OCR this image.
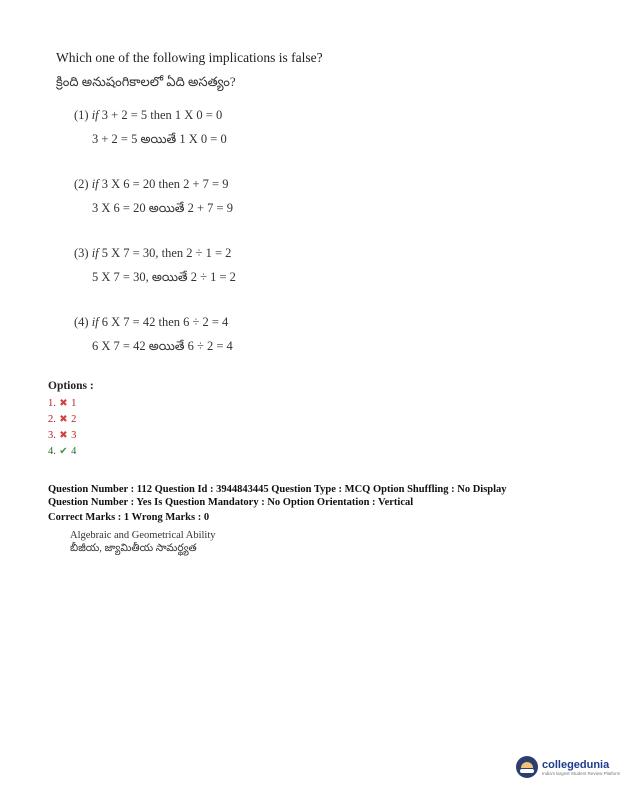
Which one of the following implications is false?
క్రింది అనుషంగికాలలో ఏది అసత్యం?
(1) if 3 + 2 = 5 then 1 X 0 = 0
3 + 2 = 5 అయితే 1 X 0 = 0
(2) if 3 X 6 = 20 then 2 + 7 = 9
3 X 6 = 20 అయితే 2 + 7 = 9
(3) if 5 X 7 = 30, then 2 ÷ 1 = 2
5 X 7 = 30, అయితే 2 ÷ 1 = 2
(4) if 6 X 7 = 42 then 6 ÷ 2 = 4
6 X 7 = 42 అయితే 6 ÷ 2 = 4
Options :
1. ✖ 1
2. ✖ 2
3. ✖ 3
4. ✔ 4
Question Number : 112 Question Id : 3944843445 Question Type : MCQ Option Shuffling : No Display
Question Number : Yes Is Question Mandatory : No Option Orientation : Vertical
Correct Marks : 1 Wrong Marks : 0
Algebraic and Geometrical Ability
బీజీయ, జ్యామితీయ సామర్థ్యత
collegedunia
India's largest Student Review Platform
